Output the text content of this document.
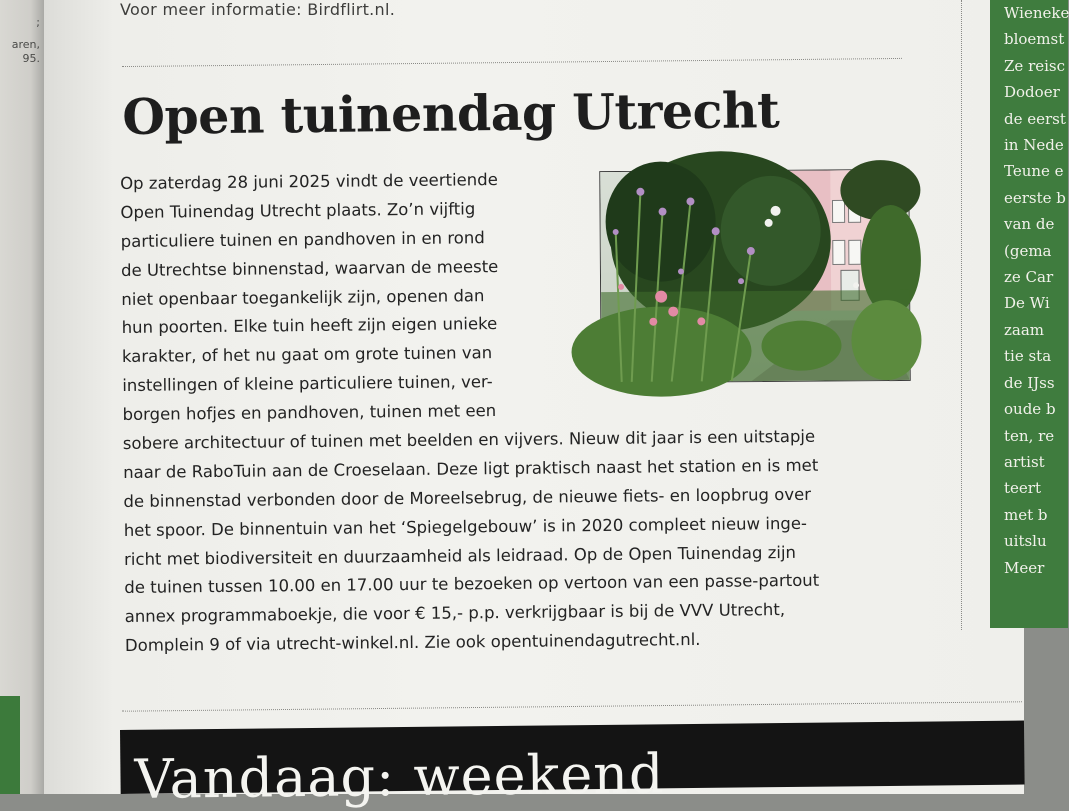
;
aren,
95.
Voor meer informatie: Birdflirt.nl.
Open tuinendag Utrecht
Op zaterdag 28 juni 2025 vindt de veertiende
Open Tuinendag Utrecht plaats. Zo’n vijftig
particuliere tuinen en pandhoven in en rond
de Utrechtse binnenstad, waarvan de meeste
niet openbaar toegankelijk zijn, openen dan
hun poorten. Elke tuin heeft zijn eigen unieke
karakter, of het nu gaat om grote tuinen van
instellingen of kleine particuliere tuinen, ver-
borgen hofjes en pandhoven, tuinen met een
sobere architectuur of tuinen met beelden en vijvers. Nieuw dit jaar is een uitstapje
naar de RaboTuin aan de Croeselaan. Deze ligt praktisch naast het station en is met
de binnenstad verbonden door de Moreelsebrug, de nieuwe fiets- en loopbrug over
het spoor. De binnentuin van het ‘Spiegelgebouw’ is in 2020 compleet nieuw inge-
richt met biodiversiteit en duurzaamheid als leidraad. Op de Open Tuinendag zijn
de tuinen tussen 10.00 en 17.00 uur te bezoeken op vertoon van een passe-partout
annex programmaboekje, die voor € 15,- p.p. verkrijgbaar is bij de VVV Utrecht,
Domplein 9 of via utrecht-winkel.nl. Zie ook opentuinendagutrecht.nl.
Wieneke
bloemst
Ze reisc
Dodoer
de eerst
in Nede
Teune e
eerste b
van de
(gema
ze Car
De Wi
zaam
tie sta
de IJss
oude b
ten, re
artist
teert
met b
uitslu
Meer
Vandaag: weekend
